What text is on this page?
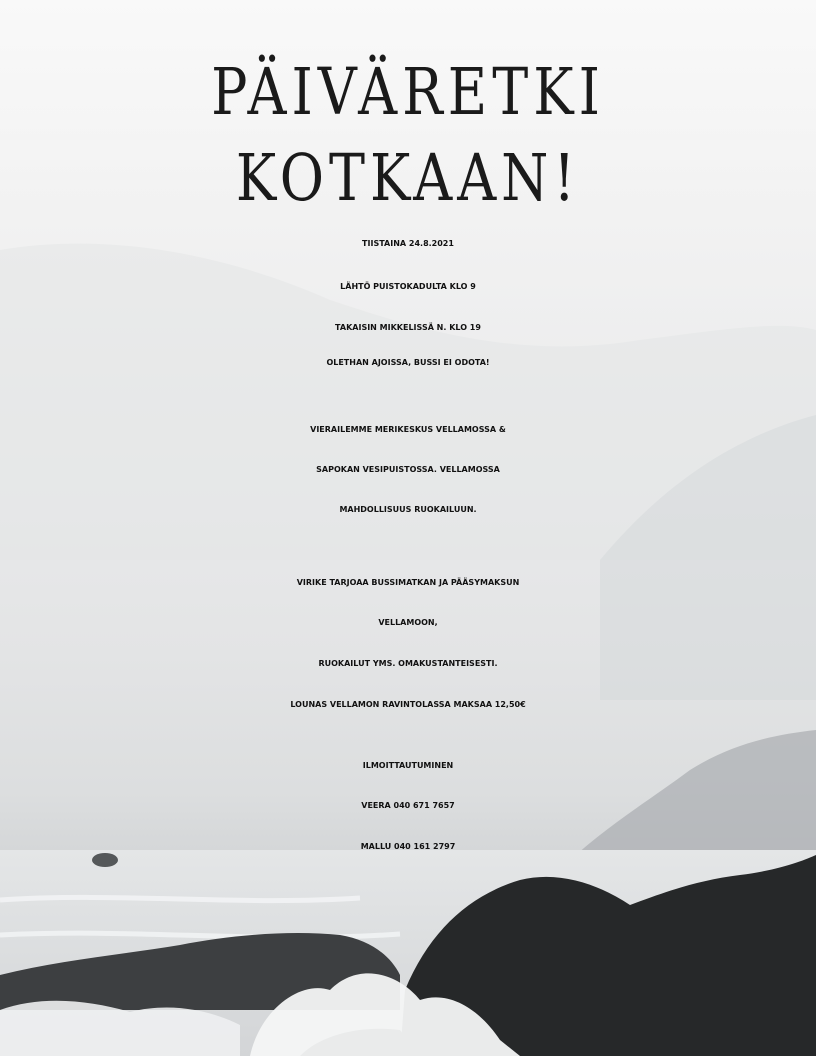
PÄIVÄRETKI
KOTKAAN!
TIISTAINA 24.8.2021
LÄHTÖ PUISTOKADULTA KLO 9
TAKAISIN MIKKELISSÄ N. KLO 19
OLETHAN AJOISSA, BUSSI EI ODOTA!
VIERAILEMME MERIKESKUS VELLAMOSSA &
SAPOKAN VESIPUISTOSSA. VELLAMOSSA
MAHDOLLISUUS RUOKAILUUN.
VIRIKE TARJOAA BUSSIMATKAN JA PÄÄSYMAKSUN
VELLAMOON,
RUOKAILUT YMS. OMAKUSTANTEISESTI.
LOUNAS VELLAMON RAVINTOLASSA MAKSAA 12,50€
ILMOITTAUTUMINEN
VEERA 040 671 7657
MALLU 040 161 2797
